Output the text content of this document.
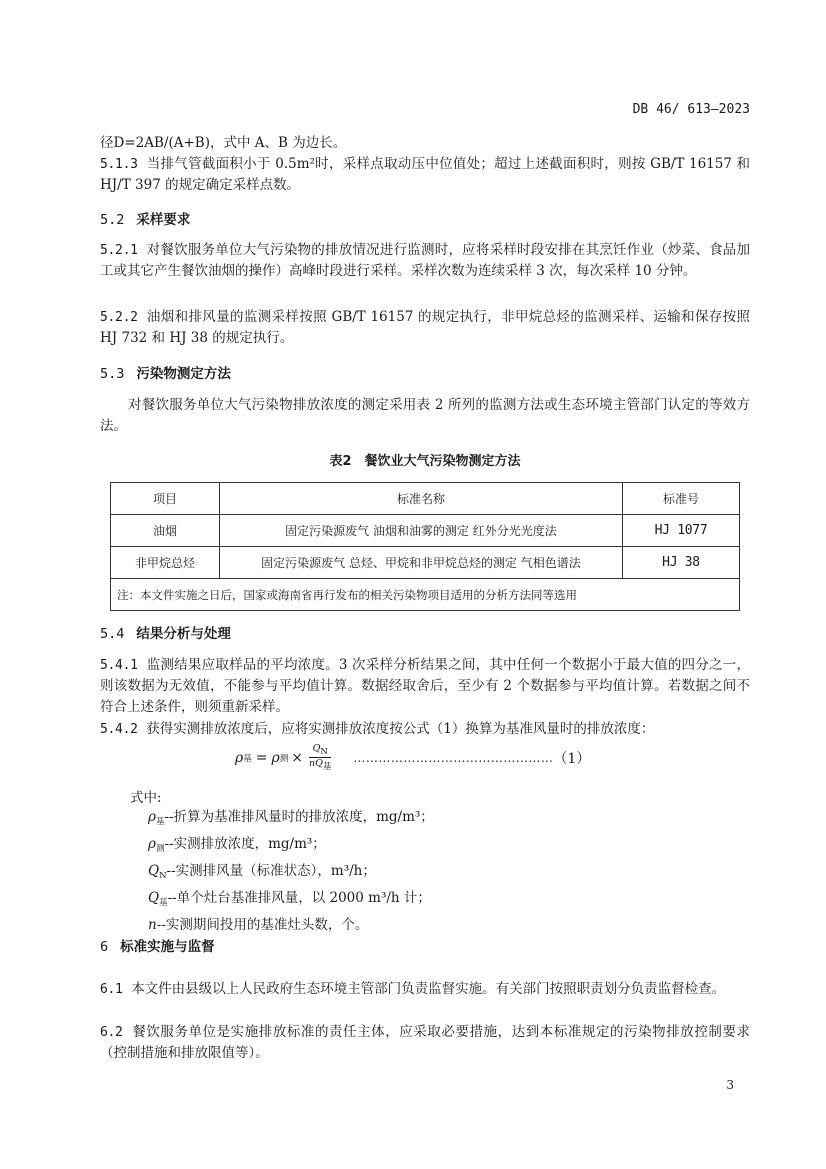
DB 46/ 613—2023

径D=2AB/(A+B)，式中 A、B 为边长。

5.1.3 当排气管截面积小于 0.5m²时，采样点取动压中位值处；超过上述截面积时，则按 GB/T 16157 和 HJ/T 397 的规定确定采样点数。

5.2 采样要求

5.2.1 对餐饮服务单位大气污染物的排放情况进行监测时，应将采样时段安排在其烹饪作业（炒菜、食品加工或其它产生餐饮油烟的操作）高峰时段进行采样。采样次数为连续采样 3 次，每次采样 10 分钟。

5.2.2 油烟和排风量的监测采样按照 GB/T 16157 的规定执行，非甲烷总烃的监测采样、运输和保存按照 HJ 732 和 HJ 38 的规定执行。

5.3 污染物测定方法

对餐饮服务单位大气污染物排放浓度的测定采用表 2 所列的监测方法或生态环境主管部门认定的等效方法。

表2　餐饮业大气污染物测定方法
项目	标准名称	标准号
油烟	固定污染源废气 油烟和油雾的测定 红外分光光度法	HJ 1077
非甲烷总烃	固定污染源废气 总烃、甲烷和非甲烷总烃的测定 气相色谱法	HJ 38
注：本文件实施之日后，国家或海南省再行发布的相关污染物项目适用的分析方法同等选用		
5.4 结果分析与处理

5.4.1 监测结果应取样品的平均浓度。3 次采样分析结果之间，其中任何一个数据小于最大值的四分之一，则该数据为无效值，不能参与平均值计算。数据经取舍后，至少有 2 个数据参与平均值计算。若数据之间不符合上述条件，则须重新采样。

5.4.2 获得实测排放浓度后，应将实测排放浓度按公式（1）换算为基准风量时的排放浓度：

ρ 基 = ρ 测 × $\frac{QN}{\text{nQ基}}$ ………………………………………… （1）

式中:

$\rho_基--$折算为基准排风量时的排放浓度，mg/m³；
$\rho_测--$实测排放浓度，mg/m³；
$Q_N--$实测排风量（标准状态），m³/h；
$Q_基--$单个灶台基准排风量，以 2000 m³/h 计；
n--实测期间投用的基准灶头数，个。
6 标准实施与监督

6.1 本文件由县级以上人民政府生态环境主管部门负责监督实施。有关部门按照职责划分负责监督检查。

6.2 餐饮服务单位是实施排放标准的责任主体，应采取必要措施，达到本标准规定的污染物排放控制要求（控制措施和排放限值等）。

3
